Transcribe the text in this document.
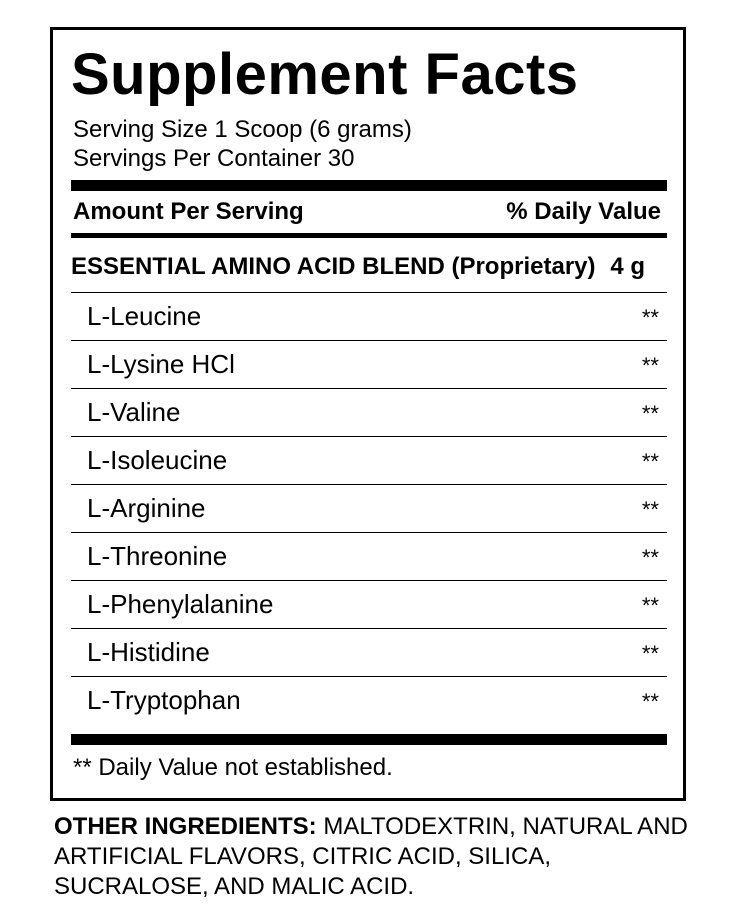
Supplement Facts
Serving Size 1 Scoop (6 grams)
Servings Per Container 30
Amount Per Serving	% Daily Value
ESSENTIAL AMINO ACID BLEND (Proprietary) 4 g
L-Leucine	**
L-Lysine HCl	**
L-Valine	**
L-Isoleucine	**
L-Arginine	**
L-Threonine	**
L-Phenylalanine	**
L-Histidine	**
L-Tryptophan	**
** Daily Value not established.
OTHER INGREDIENTS: MALTODEXTRIN, NATURAL AND ARTIFICIAL FLAVORS, CITRIC ACID, SILICA, SUCRALOSE, AND MALIC ACID.
